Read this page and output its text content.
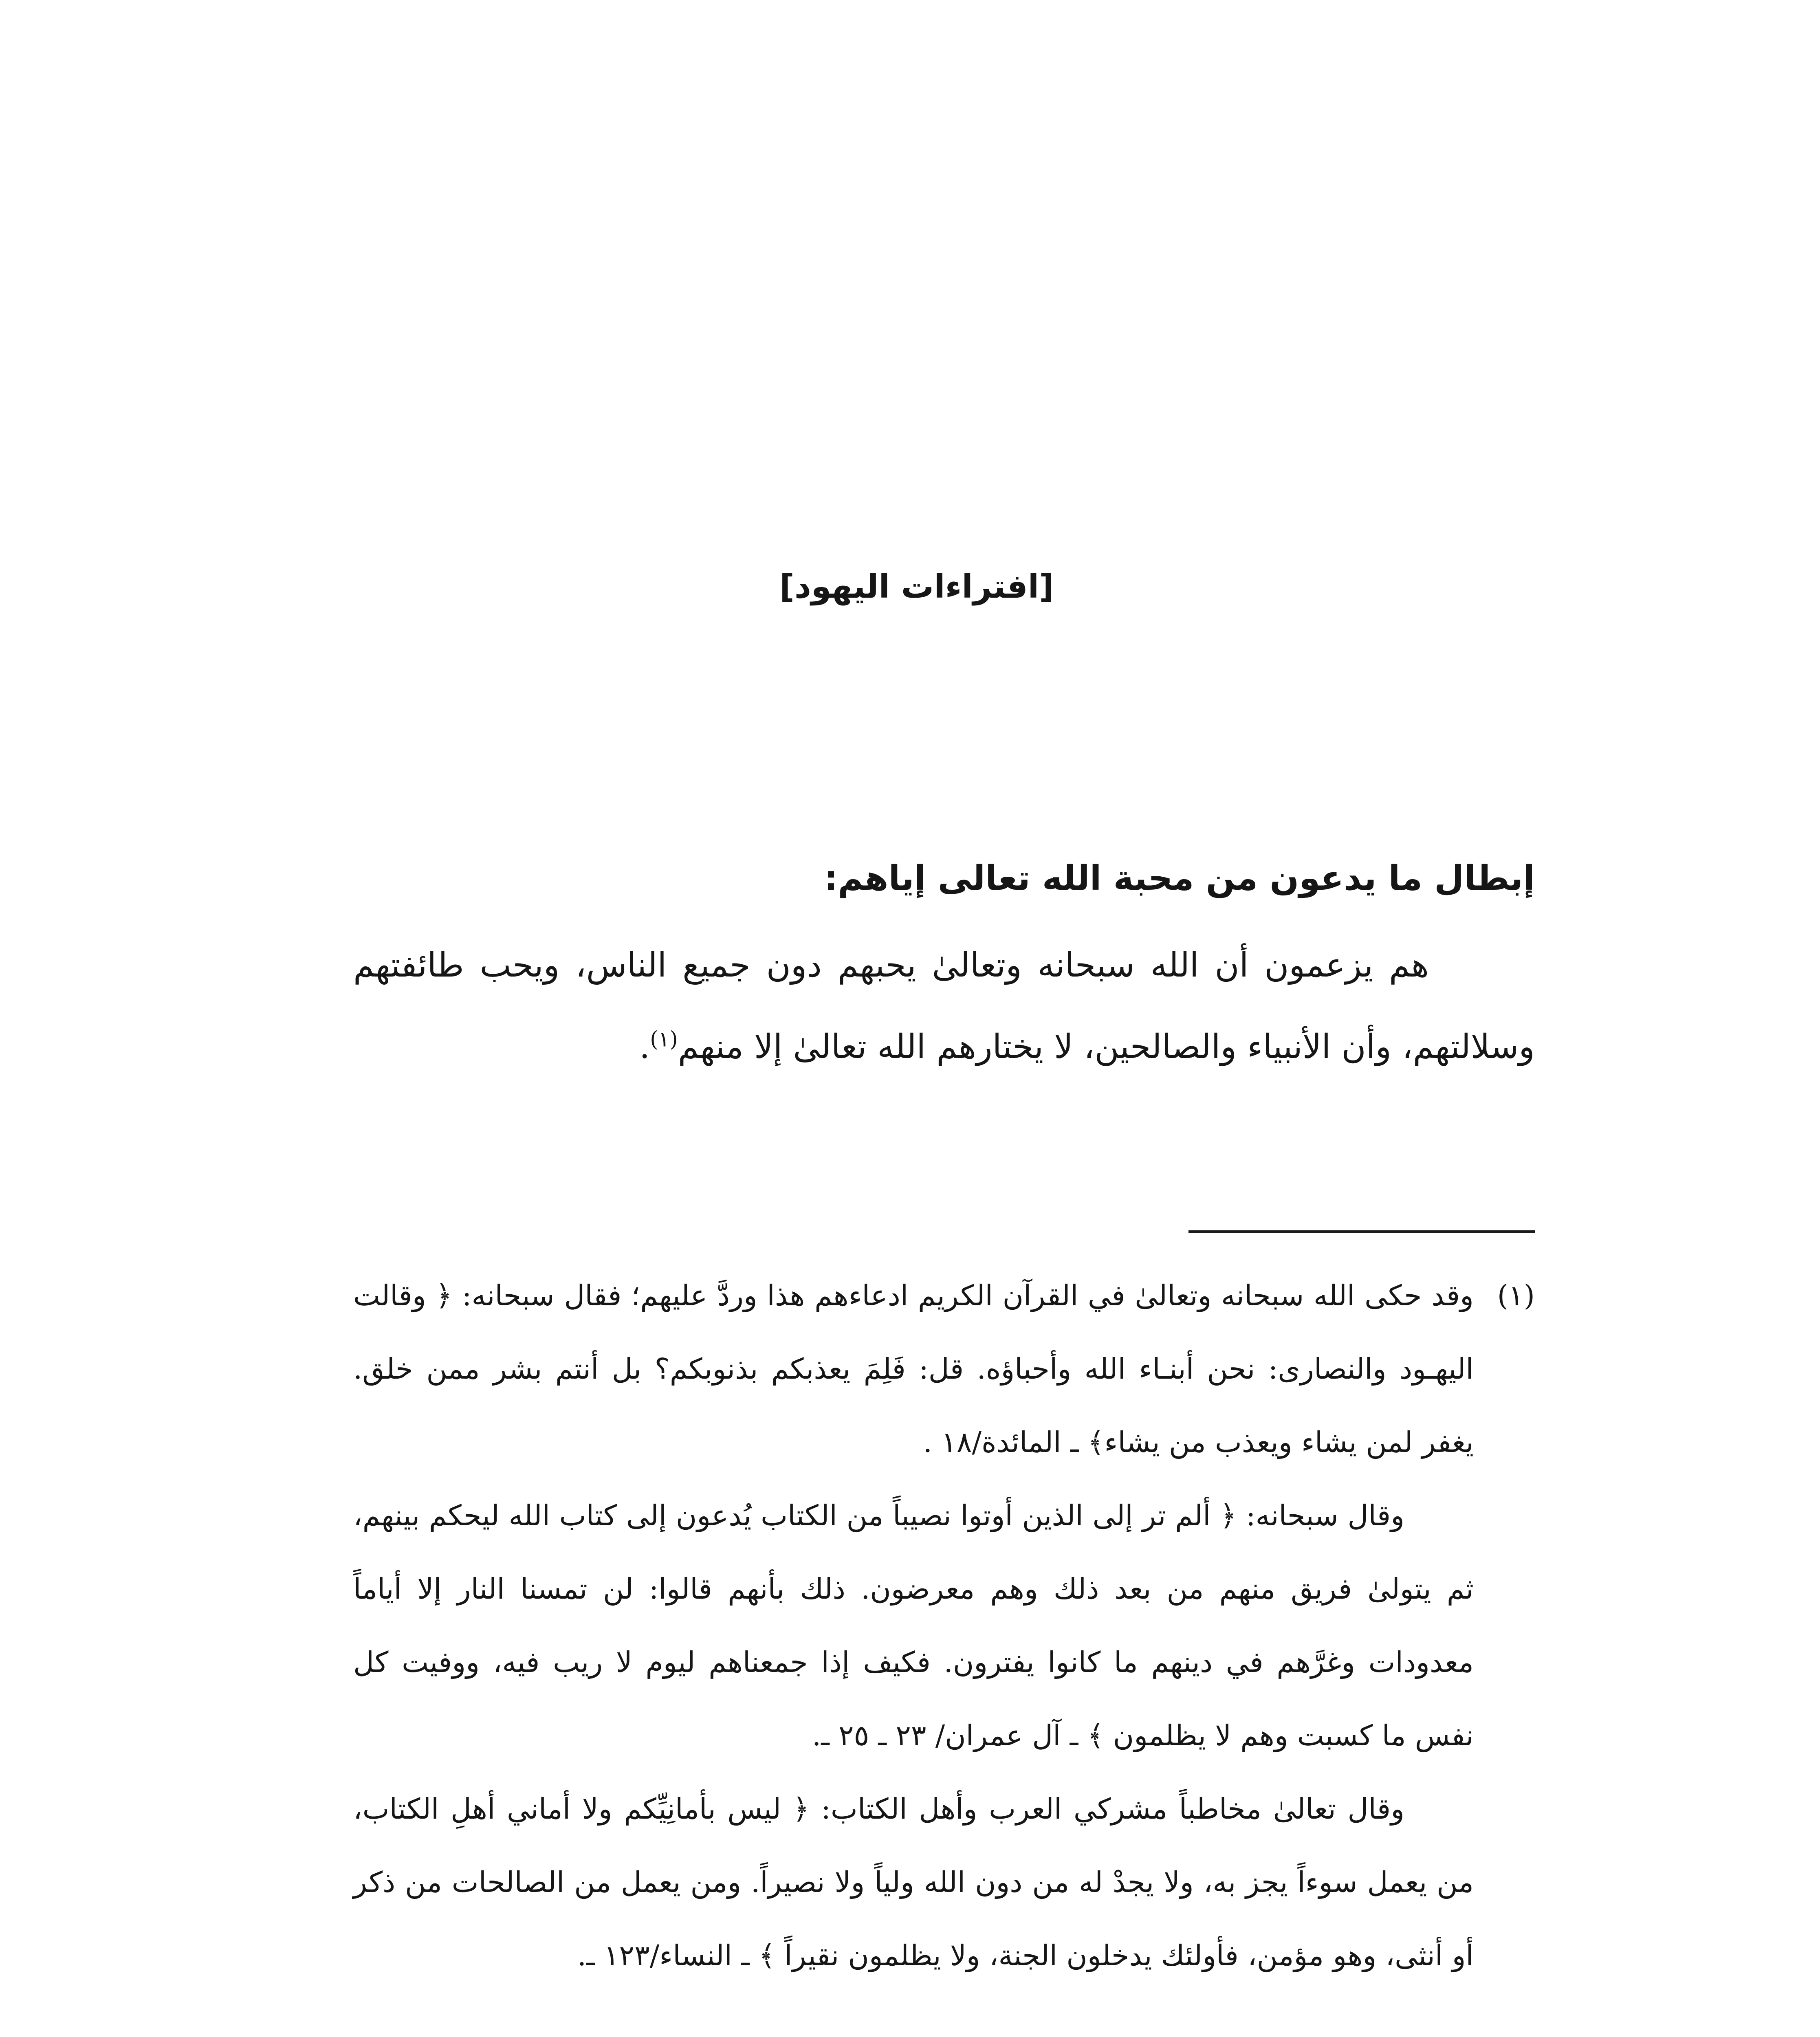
[افتراءات اليهود]
إبطال ما يدعون من محبة الله تعالى إياهم:

هم يزعمون أن الله سبحانه وتعالىٰ يحبهم دون جميع الناس، ويحب طائفتهم وسلالتهم، وأن الأنبياء والصالحين، لا يختارهم الله تعالىٰ إلا منهم$^{(١)}$.

(١)وقد حكى الله سبحانه وتعالىٰ في القرآن الكريم ادعاءهم هذا وردَّ عليهم؛ فقال سبحانه: ﴿ وقالت اليهـود والنصارى: نحن أبنـاء الله وأحباؤه. قل: فَلِمَ يعذبكم بذنوبكم؟ بل أنتم بشر ممن خلق. يغفر لمن يشاء ويعذب من يشاء﴾ ـ المائدة/١٨ .

وقال سبحانه: ﴿ ألم تر إلى الذين أوتوا نصيباً من الكتاب يُدعون إلى كتاب الله ليحكم بينهم، ثم يتولىٰ فريق منهم من بعد ذلك وهم معرضون. ذلك بأنهم قالوا: لن تمسنا النار إلا أياماً معدودات وغرَّهم في دينهم ما كانوا يفترون. فكيف إذا جمعناهم ليوم لا ريب فيه، ووفيت كل نفس ما كسبت وهم لا يظلمون ﴾ ـ آل عمران/ ٢٣ ـ ٢٥ ـ.

وقال تعالىٰ مخاطباً مشركي العرب وأهل الكتاب: ﴿ ليس بأمانِيِّكم ولا أماني أهلِ الكتاب، من يعمل سوءاً يجز به، ولا يجدْ له من دون الله ولياً ولا نصيراً. ومن يعمل من الصالحات من ذكر أو أنثى، وهو مؤمن، فأولئك يدخلون الجنة، ولا يظلمون نقيراً ﴾ ـ النساء/١٢٣ ـ.
